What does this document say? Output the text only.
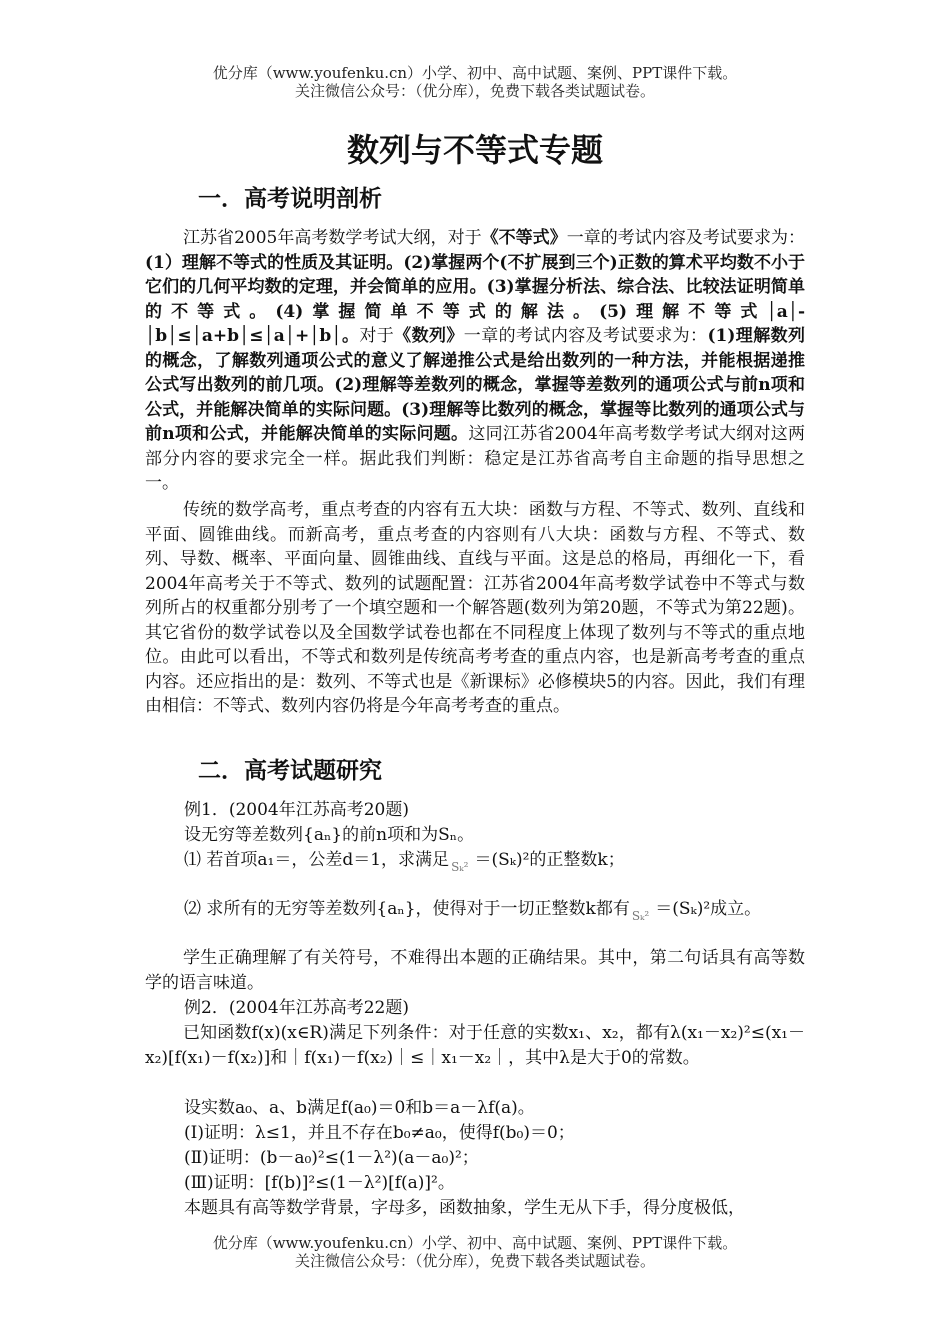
优分库（www.youfenku.cn）小学、初中、高中试题、案例、PPT课件下载。
关注微信公众号：（优分库），免费下载各类试题试卷。
数列与不等式专题
一．高考说明剖析
江苏省2005年高考数学考试大纲，对于《不等式》一章的考试内容及考试要求为：(1）理解不等式的性质及其证明。(2)掌握两个(不扩展到三个)正数的算术平均数不小于它们的几何平均数的定理，并会简单的应用。(3)掌握分析法、综合法、比较法证明简单的不等式。(4)掌握简单不等式的解法。(5)理解不等式│a│-│b│≤│a+b│≤│a│+│b│。对于《数列》一章的考试内容及考试要求为：(1)理解数列的概念，了解数列通项公式的意义了解递推公式是给出数列的一种方法，并能根据递推公式写出数列的前几项。(2)理解等差数列的概念，掌握等差数列的通项公式与前n项和公式，并能解决简单的实际问题。(3)理解等比数列的概念，掌握等比数列的通项公式与前n项和公式，并能解决简单的实际问题。这同江苏省2004年高考数学考试大纲对这两部分内容的要求完全一样。据此我们判断：稳定是江苏省高考自主命题的指导思想之一。
传统的数学高考，重点考查的内容有五大块：函数与方程、不等式、数列、直线和平面、圆锥曲线。而新高考，重点考查的内容则有八大块：函数与方程、不等式、数列、导数、概率、平面向量、圆锥曲线、直线与平面。这是总的格局，再细化一下，看2004年高考关于不等式、数列的试题配置：江苏省2004年高考数学试卷中不等式与数列所占的权重都分别考了一个填空题和一个解答题(数列为第20题，不等式为第22题)。其它省份的数学试卷以及全国数学试卷也都在不同程度上体现了数列与不等式的重点地位。由此可以看出，不等式和数列是传统高考考查的重点内容，也是新高考考查的重点内容。还应指出的是：数列、不等式也是《新课标》必修模块5的内容。因此，我们有理由相信：不等式、数列内容仍将是今年高考考查的重点。
二．高考试题研究
例1．(2004年江苏高考20题)
设无穷等差数列{aₙ}的前n项和为Sₙ。
⑴ 若首项a₁＝，公差d＝1，求满足 $_{S_k^2}$ ＝(Sₖ)²的正整数k；
⑵ 求所有的无穷等差数列{aₙ}，使得对于一切正整数k都有 $_{S_k^2}$ ＝(Sₖ)²成立。
学生正确理解了有关符号，不难得出本题的正确结果。其中，第二句话具有高等数学的语言味道。
例2．(2004年江苏高考22题)
已知函数f(x)(x∈R)满足下列条件：对于任意的实数x₁、x₂，都有λ(x₁－x₂)²≤(x₁－x₂)[f(x₁)－f(x₂)]和｜f(x₁)－f(x₂)｜≤｜x₁－x₂｜，其中λ是大于0的常数。
设实数a₀、a、b满足f(a₀)＝0和b＝a－λf(a)。
(Ⅰ)证明：λ≤1，并且不存在b₀≠a₀，使得f(b₀)＝0；
(Ⅱ)证明：(b－a₀)²≤(1－λ²)(a－a₀)²；
(Ⅲ)证明：[f(b)]²≤(1－λ²)[f(a)]²。
本题具有高等数学背景，字母多，函数抽象，学生无从下手，得分度极低，
优分库（www.youfenku.cn）小学、初中、高中试题、案例、PPT课件下载。
关注微信公众号：（优分库），免费下载各类试题试卷。
